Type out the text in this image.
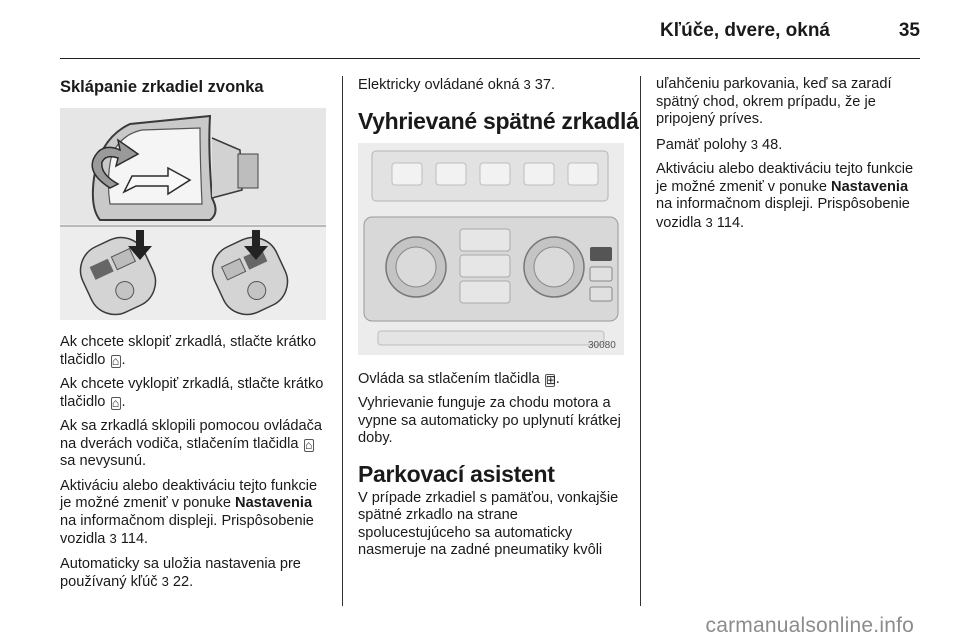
Kľúče, dvere, okná	35
Sklápanie zrkadiel zvonka

Ak chcete sklopiť zrkadlá, stlačte krátko tlačidlo ⌂ .

Ak chcete vyklopiť zrkadlá, stlačte krátko tlačidlo ⌂ .

Ak sa zrkadlá sklopili pomocou ovládača na dverách vodiča, stlačením tlačidla ⌂ sa nevysunú.

Aktiváciu alebo deaktiváciu tejto funkcie je možné zmeniť v ponuke Nastavenia na informačnom displeji. Prispôsobenie vozidla 3 114.

Automaticky sa uložia nastavenia pre používaný kľúč 3 22.

Elektricky ovládané okná 3 37.

Vyhrievané spätné zrkadlá
30080

Ovláda sa stlačením tlačidla ⊞.

Vyhrievanie funguje za chodu motora a vypne sa automaticky po uplynutí krátkej doby.

Parkovací asistent

V prípade zrkadiel s pamäťou, vonkajšie spätné zrkadlo na strane spolucestujúceho sa automaticky nasmeruje na zadné pneumatiky kvôli

uľahčeniu parkovania, keď sa zaradí spätný chod, okrem prípadu, že je pripojený príves.

Pamäť polohy 3 48.

Aktiváciu alebo deaktiváciu tejto funkcie je možné zmeniť v ponuke Nastavenia na informačnom displeji. Prispôsobenie vozidla 3 114.

carmanualsonline.info
